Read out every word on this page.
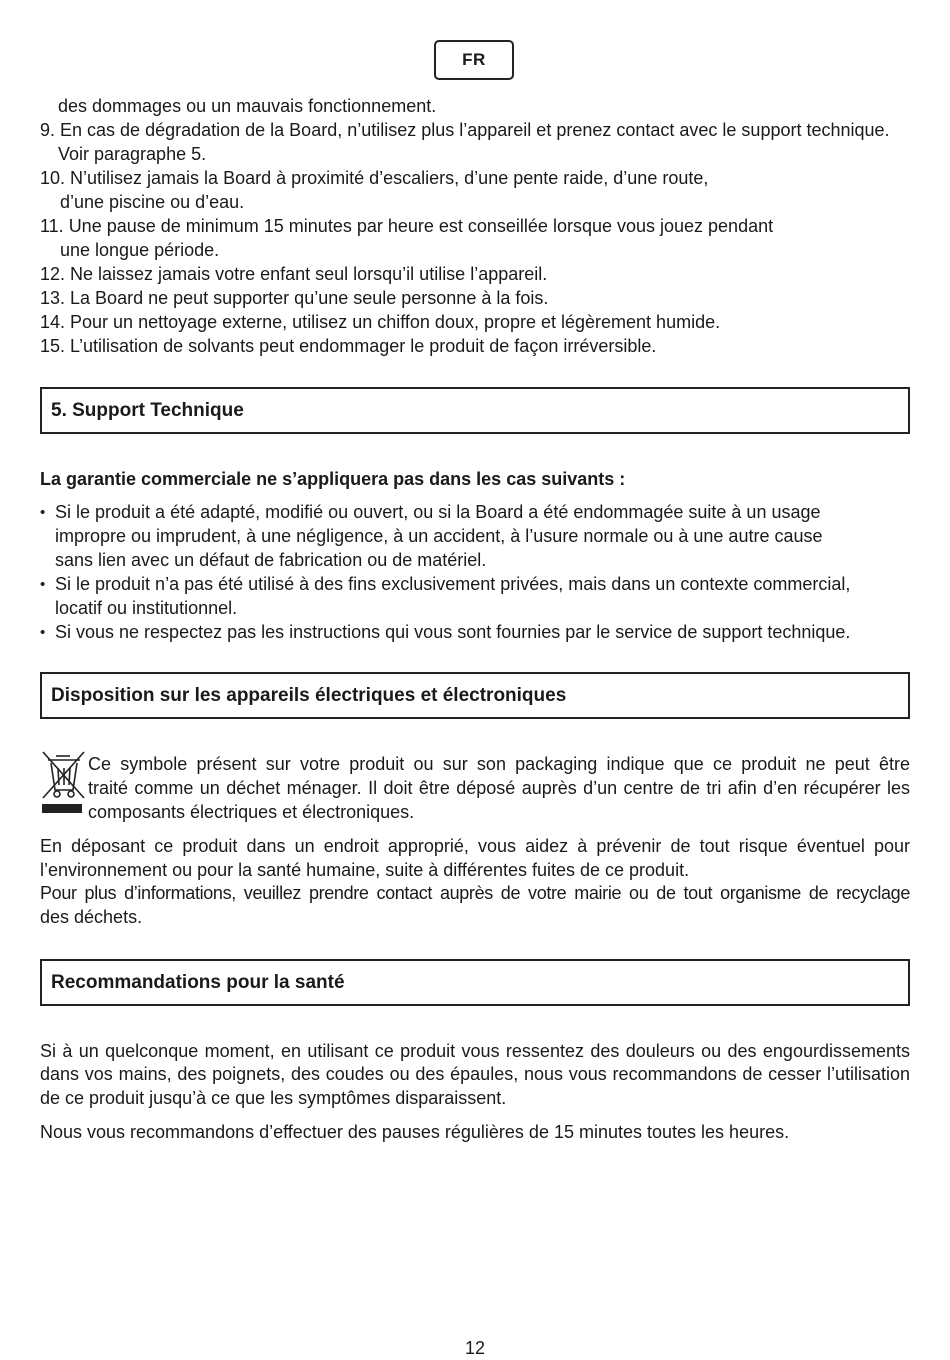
FR
des dommages ou un mauvais fonctionnement.
9. En cas de dégradation de la Board, n’utilisez plus l’appareil et prenez contact avec le support technique.
Voir paragraphe 5.
10. N’utilisez jamais la Board à proximité d’escaliers, d’une pente raide, d’une route,
d’une piscine ou d’eau.
11. Une pause de minimum 15 minutes par heure est conseillée lorsque vous jouez pendant
une longue période.
12. Ne laissez jamais votre enfant seul lorsqu’il utilise l’appareil.
13. La Board ne peut supporter qu’une seule personne à la fois.
14. Pour un nettoyage externe, utilisez un chiffon doux, propre et légèrement humide.
15. L’utilisation de solvants peut endommager le produit de façon irréversible.
5. Support Technique
La garantie commerciale ne s’appliquera pas dans les cas suivants :
• Si le produit a été adapté, modifié ou ouvert, ou si la Board a été endommagée suite à un usage
impropre ou imprudent, à une négligence, à un accident, à l’usure normale ou à une autre cause
sans lien avec un défaut de fabrication ou de matériel.
• Si le produit n’a pas été utilisé à des fins exclusivement privées, mais dans un contexte commercial,
locatif ou institutionnel.
• Si vous ne respectez pas les instructions qui vous sont fournies par le service de support technique.
Disposition sur les appareils électriques et électroniques
Ce symbole présent sur votre produit ou sur son packaging indique que ce produit ne peut être
traité comme un déchet ménager. Il doit être déposé auprès d’un centre de tri afin d’en récupérer les
composants électriques et électroniques.
En déposant ce produit dans un endroit approprié, vous aidez à prévenir de tout risque éventuel pour
l’environnement ou pour la santé humaine, suite à différentes fuites de ce produit.
Pour plus d’informations, veuillez prendre contact auprès de votre mairie ou de tout organisme de recyclage
des déchets.
Recommandations pour la santé
Si à un quelconque moment, en utilisant ce produit vous ressentez des douleurs ou des engourdissements
dans vos mains, des poignets, des coudes ou des épaules, nous vous recommandons de cesser l’utilisation
de ce produit jusqu’à ce que les symptômes disparaissent.
Nous vous recommandons d’effectuer des pauses régulières de 15 minutes toutes les heures.
12
